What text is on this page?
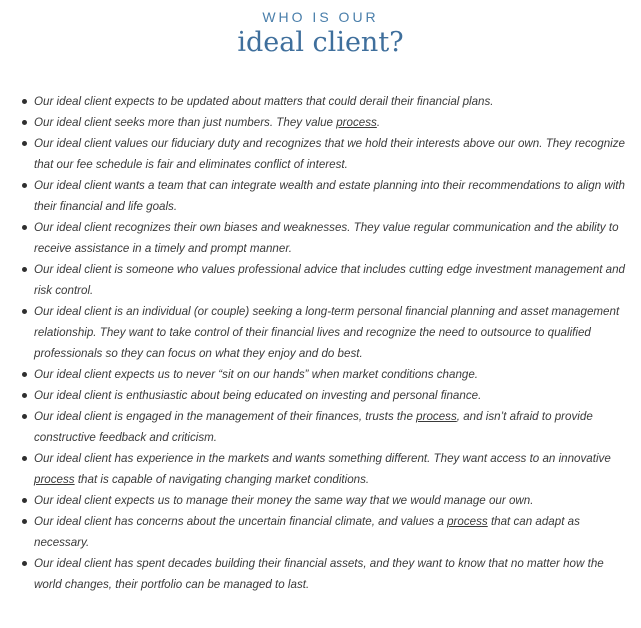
WHO IS OUR

ideal client?
Our ideal client expects to be updated about matters that could derail their financial plans.
Our ideal client seeks more than just numbers. They value process.
Our ideal client values our fiduciary duty and recognizes that we hold their interests above our own. They recognize that our fee schedule is fair and eliminates conflict of interest.
Our ideal client wants a team that can integrate wealth and estate planning into their recommendations to align with their financial and life goals.
Our ideal client recognizes their own biases and weaknesses. They value regular communication and the ability to receive assistance in a timely and prompt manner.
Our ideal client is someone who values professional advice that includes cutting edge investment management and risk control.
Our ideal client is an individual (or couple) seeking a long-term personal financial planning and asset management relationship. They want to take control of their financial lives and recognize the need to outsource to qualified professionals so they can focus on what they enjoy and do best.
Our ideal client expects us to never “sit on our hands” when market conditions change.
Our ideal client is enthusiastic about being educated on investing and personal finance.
Our ideal client is engaged in the management of their finances, trusts the process, and isn’t afraid to provide constructive feedback and criticism.
Our ideal client has experience in the markets and wants something different. They want access to an innovative process that is capable of navigating changing market conditions.
Our ideal client expects us to manage their money the same way that we would manage our own.
Our ideal client has concerns about the uncertain financial climate, and values a process that can adapt as necessary.
Our ideal client has spent decades building their financial assets, and they want to know that no matter how the world changes, their portfolio can be managed to last.
